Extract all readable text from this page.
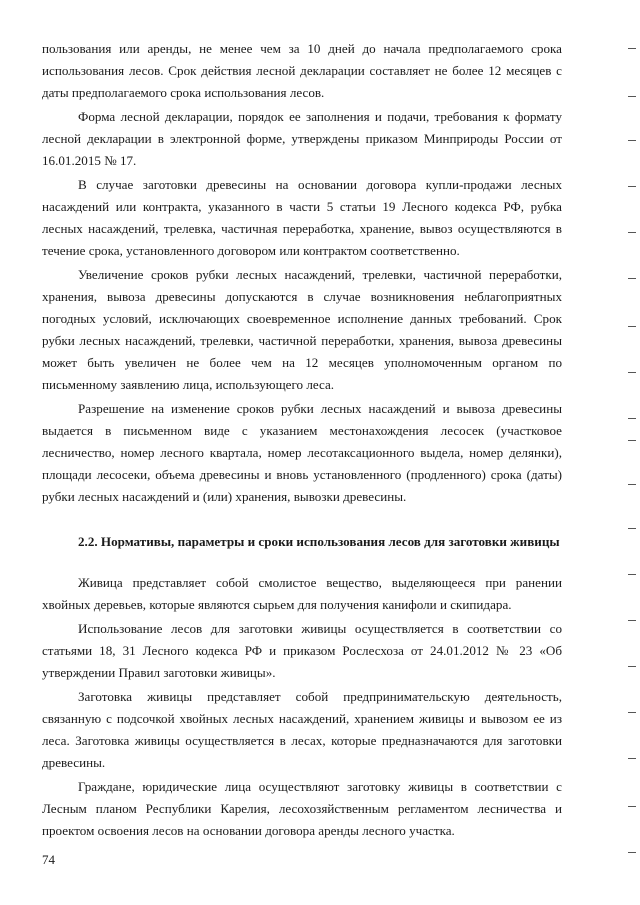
пользования или аренды, не менее чем за 10 дней до начала предполагаемого срока использования лесов. Срок действия лесной декларации составляет не более 12 месяцев с даты предполагаемого срока использования лесов.

Форма лесной декларации, порядок ее заполнения и подачи, требования к формату лесной декларации в электронной форме, утверждены приказом Минприроды России от 16.01.2015 № 17.

В случае заготовки древесины на основании договора купли-продажи лесных насаждений или контракта, указанного в части 5 статьи 19 Лесного кодекса РФ, рубка лесных насаждений, трелевка, частичная переработка, хранение, вывоз осуществляются в течение срока, установленного договором или контрактом соответственно.

Увеличение сроков рубки лесных насаждений, трелевки, частичной переработки, хранения, вывоза древесины допускаются в случае возникновения неблагоприятных погодных условий, исключающих своевременное исполнение данных требований. Срок рубки лесных насаждений, трелевки, частичной переработки, хранения, вывоза древесины может быть увеличен не более чем на 12 месяцев уполномоченным органом по письменному заявлению лица, использующего леса.

Разрешение на изменение сроков рубки лесных насаждений и вывоза древесины выдается в письменном виде с указанием местонахождения лесосек (участковое лесничество, номер лесного квартала, номер лесотаксационного выдела, номер делянки), площади лесосеки, объема древесины и вновь установленного (продленного) срока (даты) рубки лесных насаждений и (или) хранения, вывозки древесины.

2.2. Нормативы, параметры и сроки использования лесов для заготовки живицы

Живица представляет собой смолистое вещество, выделяющееся при ранении хвойных деревьев, которые являются сырьем для получения канифоли и скипидара.

Использование лесов для заготовки живицы осуществляется в соответствии со статьями 18, 31 Лесного кодекса РФ и приказом Рослесхоза от 24.01.2012 № 23 «Об утверждении Правил заготовки живицы».

Заготовка живицы представляет собой предпринимательскую деятельность, связанную с подсочкой хвойных лесных насаждений, хранением живицы и вывозом ее из леса. Заготовка живицы осуществляется в лесах, которые предназначаются для заготовки древесины.

Граждане, юридические лица осуществляют заготовку живицы в соответствии с Лесным планом Республики Карелия, лесохозяйственным регламентом лесничества и проектом освоения лесов на основании договора аренды лесного участка.

74
